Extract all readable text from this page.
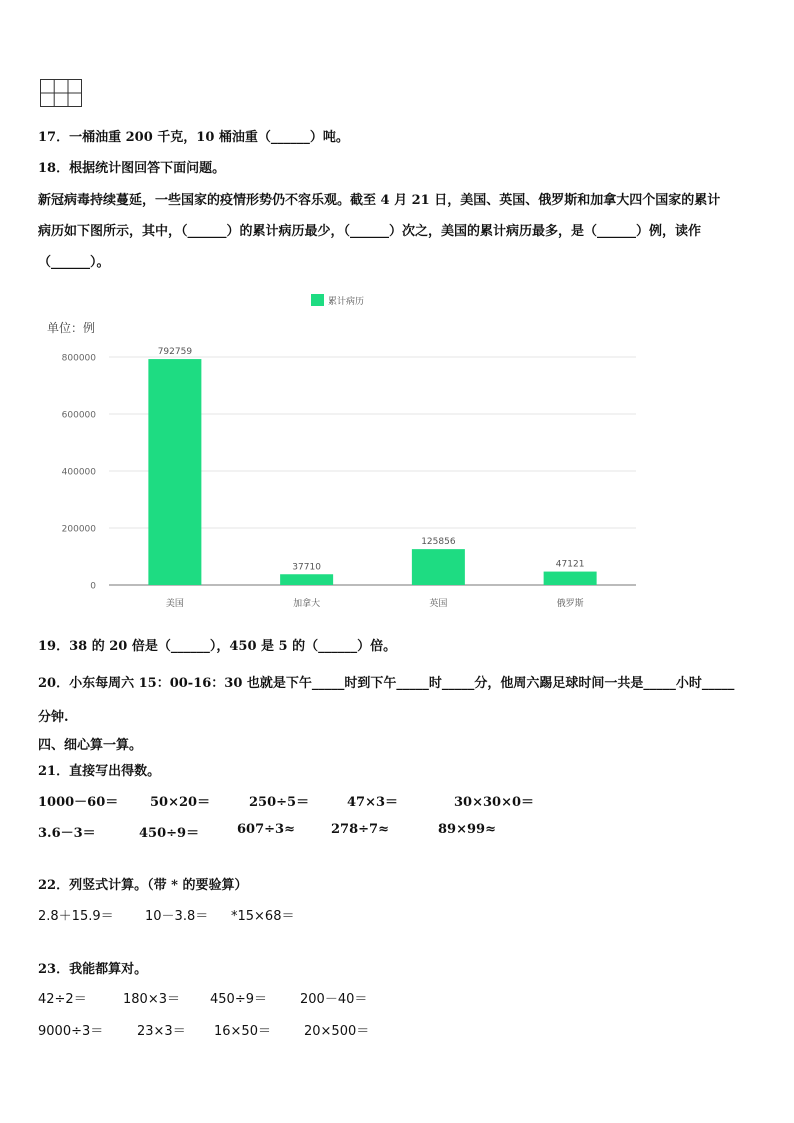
17．一桶油重 200 千克，10 桶油重（______）吨。
18．根据统计图回答下面问题。
新冠病毒持续蔓延，一些国家的疫情形势仍不容乐观。截至 4 月 21 日，美国、英国、俄罗斯和加拿大四个国家的累计
病历如下图所示，其中，（______）的累计病历最少，（______）次之，美国的累计病历最多，是（______）例，读作
（______）。
792759
37710
125856
47121
0
200000
400000
600000
800000
美国	加拿大	英国	俄罗斯
累计病历
单位：例
19．38 的 20 倍是（______），450 是 5 的（______）倍。
20．小东每周六 15：00-16：30 也就是下午_____时到下午_____时_____分，他周六踢足球时间一共是_____小时_____
分钟.
四、细心算一算。
21．直接写出得数。
1000－60＝ 50×20＝	250÷5＝	47×3＝	30×30×0＝
3.6－3＝	450÷9＝	607÷3≈	278÷7≈	89×99≈
22．列竖式计算。（带 * 的要验算）
2.8＋15.9＝ 10－3.8＝ *15×68＝
23．我能都算对。
42÷2＝	180×3＝ 450÷9＝	200－40＝
9000÷3＝	23×3＝ 16×50＝	20×500＝
